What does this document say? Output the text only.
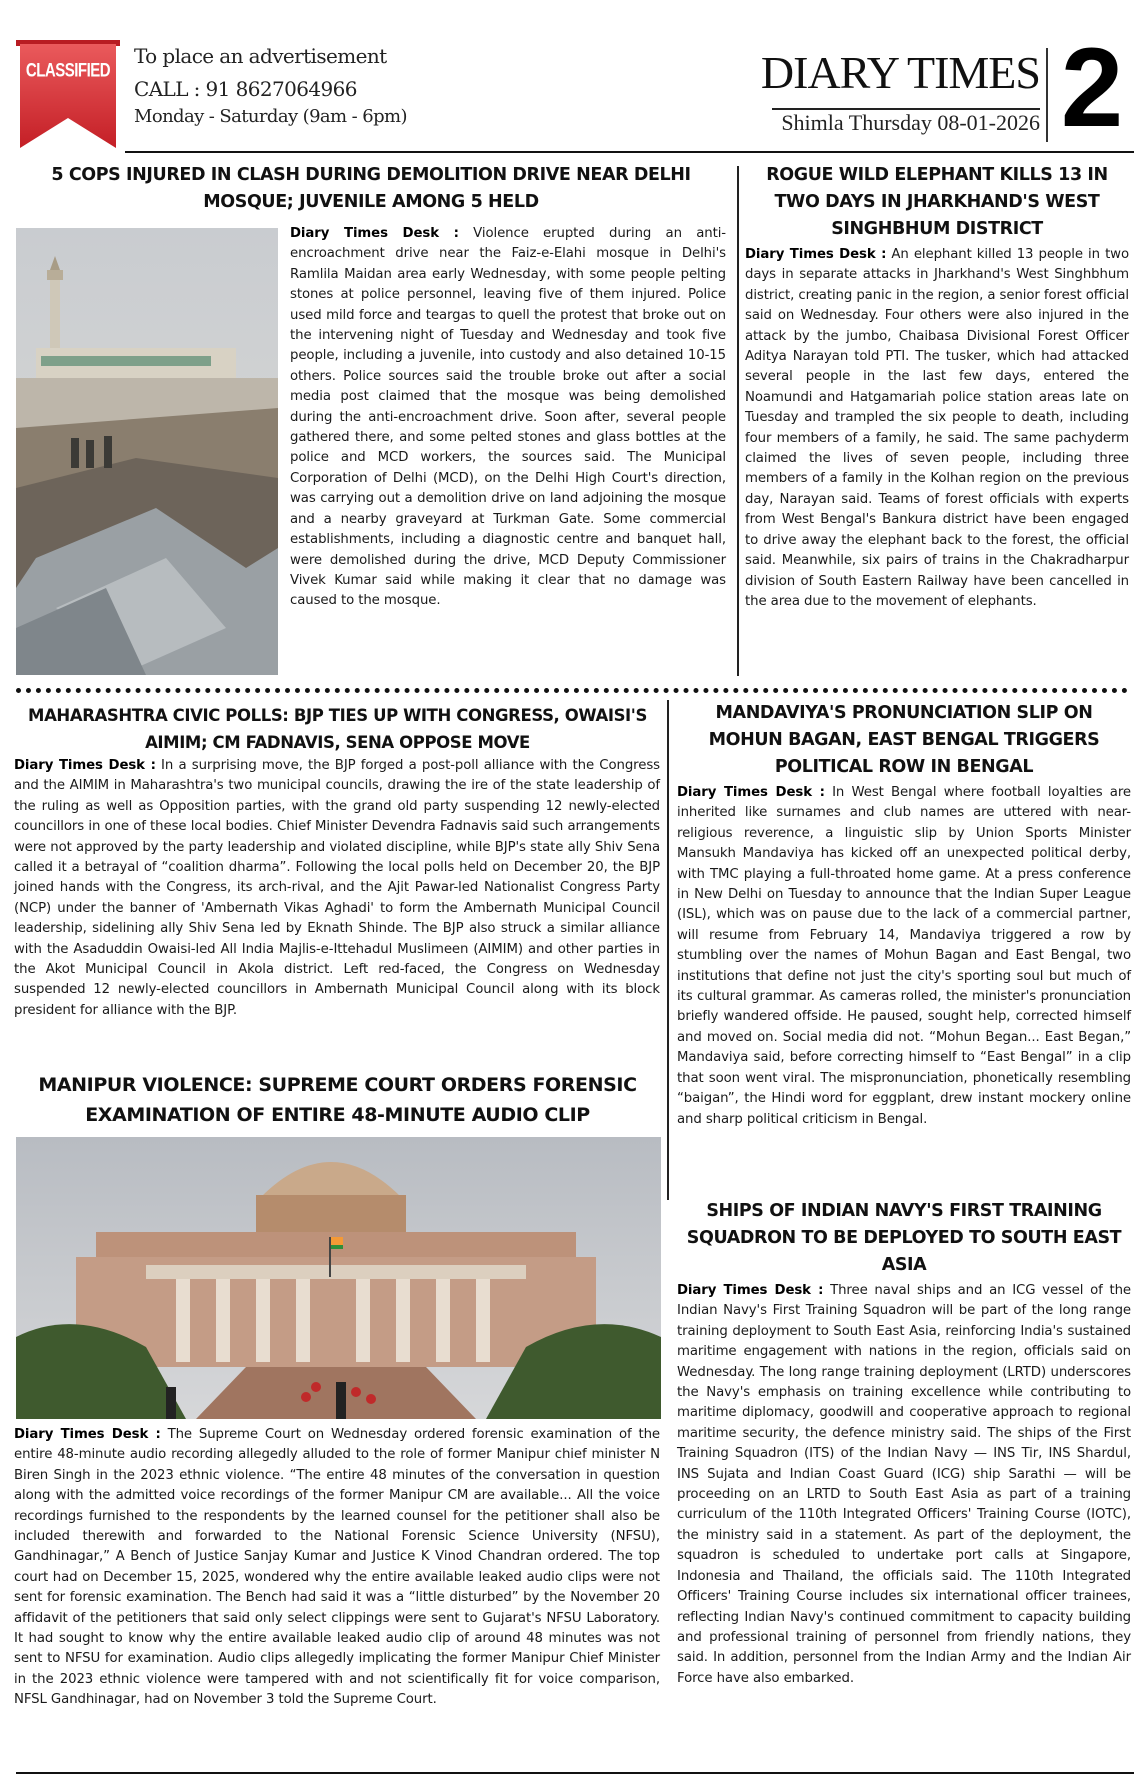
CLASSIFIED
To place an advertisement
CALL : 91 8627064966
Monday - Saturday (9am - 6pm)
DIARY TIMES
Shimla Thursday 08-01-2026 2
5 COPS INJURED IN CLASH DURING DEMOLITION DRIVE NEAR DELHI MOSQUE; JUVENILE AMONG 5 HELD
Diary Times Desk : Violence erupted during an anti-encroachment drive near the Faiz-e-Elahi mosque in Delhi's Ramlila Maidan area early Wednesday, with some people pelting stones at police personnel, leaving five of them injured. Police used mild force and teargas to quell the protest that broke out on the intervening night of Tuesday and Wednesday and took five people, including a juvenile, into custody and also detained 10-15 others. Police sources said the trouble broke out after a social media post claimed that the mosque was being demolished during the anti-encroachment drive. Soon after, several people gathered there, and some pelted stones and glass bottles at the police and MCD workers, the sources said. The Municipal Corporation of Delhi (MCD), on the Delhi High Court's direction, was carrying out a demolition drive on land adjoining the mosque and a nearby graveyard at Turkman Gate. Some commercial establishments, including a diagnostic centre and banquet hall, were demolished during the drive, MCD Deputy Commissioner Vivek Kumar said while making it clear that no damage was caused to the mosque.
ROGUE WILD ELEPHANT KILLS 13 IN TWO DAYS IN JHARKHAND'S WEST SINGHBHUM DISTRICT
Diary Times Desk : An elephant killed 13 people in two days in separate attacks in Jharkhand's West Singhbhum district, creating panic in the region, a senior forest official said on Wednesday. Four others were also injured in the attack by the jumbo, Chaibasa Divisional Forest Officer Aditya Narayan told PTI. The tusker, which had attacked several people in the last few days, entered the Noamundi and Hatgamariah police station areas late on Tuesday and trampled the six people to death, including four members of a family, he said. The same pachyderm claimed the lives of seven people, including three members of a family in the Kolhan region on the previous day, Narayan said. Teams of forest officials with experts from West Bengal's Bankura district have been engaged to drive away the elephant back to the forest, the official said. Meanwhile, six pairs of trains in the Chakradharpur division of South Eastern Railway have been cancelled in the area due to the movement of elephants.
MAHARASHTRA CIVIC POLLS: BJP TIES UP WITH CONGRESS, OWAISI'S AIMIM; CM FADNAVIS, SENA OPPOSE MOVE
Diary Times Desk : In a surprising move, the BJP forged a post-poll alliance with the Congress and the AIMIM in Maharashtra's two municipal councils, drawing the ire of the state leadership of the ruling as well as Opposition parties, with the grand old party suspending 12 newly-elected councillors in one of these local bodies. Chief Minister Devendra Fadnavis said such arrangements were not approved by the party leadership and violated discipline, while BJP's state ally Shiv Sena called it a betrayal of “coalition dharma”. Following the local polls held on December 20, the BJP joined hands with the Congress, its arch-rival, and the Ajit Pawar-led Nationalist Congress Party (NCP) under the banner of 'Ambernath Vikas Aghadi' to form the Ambernath Municipal Council leadership, sidelining ally Shiv Sena led by Eknath Shinde. The BJP also struck a similar alliance with the Asaduddin Owaisi-led All India Majlis-e-Ittehadul Muslimeen (AIMIM) and other parties in the Akot Municipal Council in Akola district. Left red-faced, the Congress on Wednesday suspended 12 newly-elected councillors in Ambernath Municipal Council along with its block president for alliance with the BJP.
MANIPUR VIOLENCE: SUPREME COURT ORDERS FORENSIC EXAMINATION OF ENTIRE 48-MINUTE AUDIO CLIP
Diary Times Desk : The Supreme Court on Wednesday ordered forensic examination of the entire 48-minute audio recording allegedly alluded to the role of former Manipur chief minister N Biren Singh in the 2023 ethnic violence. “The entire 48 minutes of the conversation in question along with the admitted voice recordings of the former Manipur CM are available... All the voice recordings furnished to the respondents by the learned counsel for the petitioner shall also be included therewith and forwarded to the National Forensic Science University (NFSU), Gandhinagar,” A Bench of Justice Sanjay Kumar and Justice K Vinod Chandran ordered. The top court had on December 15, 2025, wondered why the entire available leaked audio clips were not sent for forensic examination. The Bench had said it was a “little disturbed” by the November 20 affidavit of the petitioners that said only select clippings were sent to Gujarat's NFSU Laboratory. It had sought to know why the entire available leaked audio clip of around 48 minutes was not sent to NFSU for examination. Audio clips allegedly implicating the former Manipur Chief Minister in the 2023 ethnic violence were tampered with and not scientifically fit for voice comparison, NFSL Gandhinagar, had on November 3 told the Supreme Court.
MANDAVIYA'S PRONUNCIATION SLIP ON MOHUN BAGAN, EAST BENGAL TRIGGERS POLITICAL ROW IN BENGAL
Diary Times Desk : In West Bengal where football loyalties are inherited like surnames and club names are uttered with near-religious reverence, a linguistic slip by Union Sports Minister Mansukh Mandaviya has kicked off an unexpected political derby, with TMC playing a full-throated home game. At a press conference in New Delhi on Tuesday to announce that the Indian Super League (ISL), which was on pause due to the lack of a commercial partner, will resume from February 14, Mandaviya triggered a row by stumbling over the names of Mohun Bagan and East Bengal, two institutions that define not just the city's sporting soul but much of its cultural grammar. As cameras rolled, the minister's pronunciation briefly wandered offside. He paused, sought help, corrected himself and moved on. Social media did not. “Mohun Began... East Began,” Mandaviya said, before correcting himself to “East Bengal” in a clip that soon went viral. The mispronunciation, phonetically resembling “baigan”, the Hindi word for eggplant, drew instant mockery online and sharp political criticism in Bengal.
SHIPS OF INDIAN NAVY'S FIRST TRAINING SQUADRON TO BE DEPLOYED TO SOUTH EAST ASIA
Diary Times Desk : Three naval ships and an ICG vessel of the Indian Navy's First Training Squadron will be part of the long range training deployment to South East Asia, reinforcing India's sustained maritime engagement with nations in the region, officials said on Wednesday. The long range training deployment (LRTD) underscores the Navy's emphasis on training excellence while contributing to maritime diplomacy, goodwill and cooperative approach to regional maritime security, the defence ministry said. The ships of the First Training Squadron (ITS) of the Indian Navy — INS Tir, INS Shardul, INS Sujata and Indian Coast Guard (ICG) ship Sarathi — will be proceeding on an LRTD to South East Asia as part of a training curriculum of the 110th Integrated Officers' Training Course (IOTC), the ministry said in a statement. As part of the deployment, the squadron is scheduled to undertake port calls at Singapore, Indonesia and Thailand, the officials said. The 110th Integrated Officers' Training Course includes six international officer trainees, reflecting Indian Navy's continued commitment to capacity building and professional training of personnel from friendly nations, they said. In addition, personnel from the Indian Army and the Indian Air Force have also embarked.
